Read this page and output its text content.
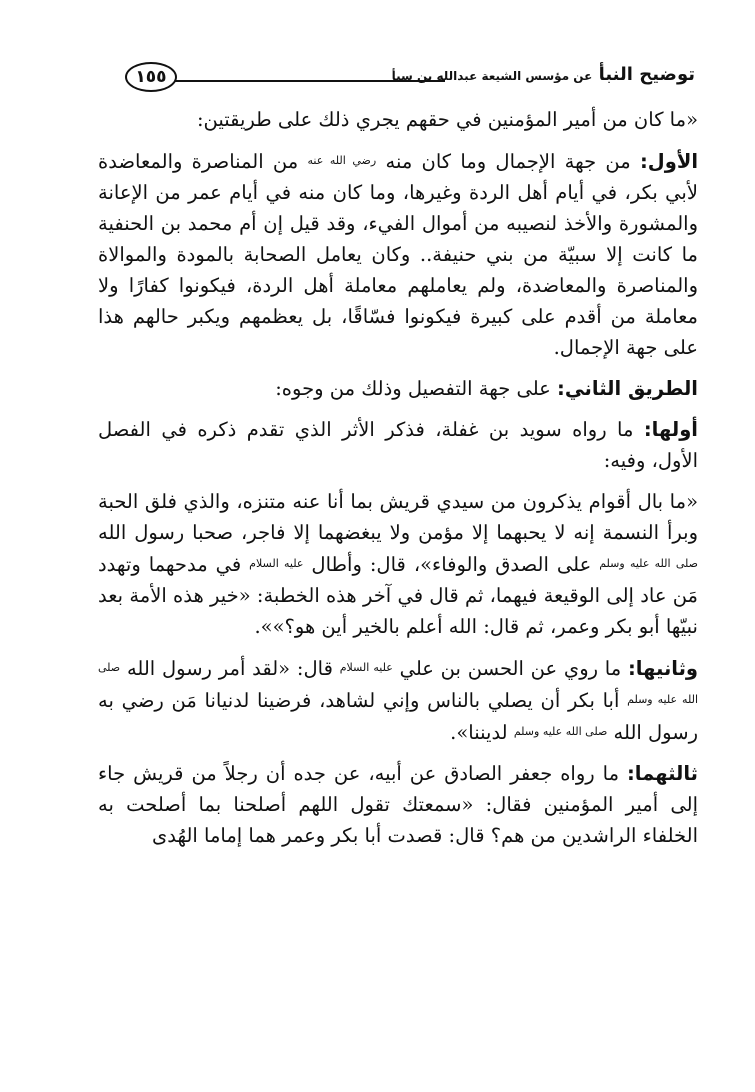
توضيح النبأ عن مؤسس الشيعة عبدالله بن سبأ
١٥٥

«ما كان من أمير المؤمنين في حقهم يجري ذلك على طريقتين:

الأول: من جهة الإجمال وما كان منه $^{رضي الله عنه}$ من المناصرة والمعاضدة لأبي بكر، في أيام أهل الردة وغيرها، وما كان منه في أيام عمر من الإعانة والمشورة والأخذ لنصيبه من أموال الفيء، وقد قيل إن أم محمد بن الحنفية ما كانت إلا سبيّة من بني حنيفة.. وكان يعامل الصحابة بالمودة والموالاة والمناصرة والمعاضدة، ولم يعاملهم معاملة أهل الردة، فيكونوا كفارًا ولا معاملة من أقدم على كبيرة فيكونوا فسّاقًا، بل يعظمهم ويكبر حالهم هذا على جهة الإجمال.

الطريق الثاني: على جهة التفصيل وذلك من وجوه:

أولها: ما رواه سويد بن غفلة، فذكر الأثر الذي تقدم ذكره في الفصل الأول، وفيه:

«ما بال أقوام يذكرون من سيدي قريش بما أنا عنه متنزه، والذي فلق الحبة وبرأ النسمة إنه لا يحبهما إلا مؤمن ولا يبغضهما إلا فاجر، صحبا رسول الله $^{صلى الله عليه وسلم}$ على الصدق والوفاء»، قال: وأطال $^{عليه السلام}$ في مدحهما وتهدد مَن عاد إلى الوقيعة فيهما، ثم قال في آخر هذه الخطبة: «خير هذه الأمة بعد نبيّها أبو بكر وعمر، ثم قال: الله أعلم بالخير أين هو؟»».

وثانيها: ما روي عن الحسن بن علي $^{عليه السلام}$ قال: «لقد أمر رسول الله $^{صلى الله عليه وسلم}$ أبا بكر أن يصلي بالناس وإني لشاهد، فرضينا لدنيانا مَن رضي به رسول الله $^{صلى الله عليه وسلم}$ لديننا».

ثالثهما: ما رواه جعفر الصادق عن أبيه، عن جده أن رجلاً من قريش جاء إلى أمير المؤمنين فقال: «سمعتك تقول اللهم أصلحنا بما أصلحت به الخلفاء الراشدين من هم؟ قال: قصدت أبا بكر وعمر هما إماما الهُدى
